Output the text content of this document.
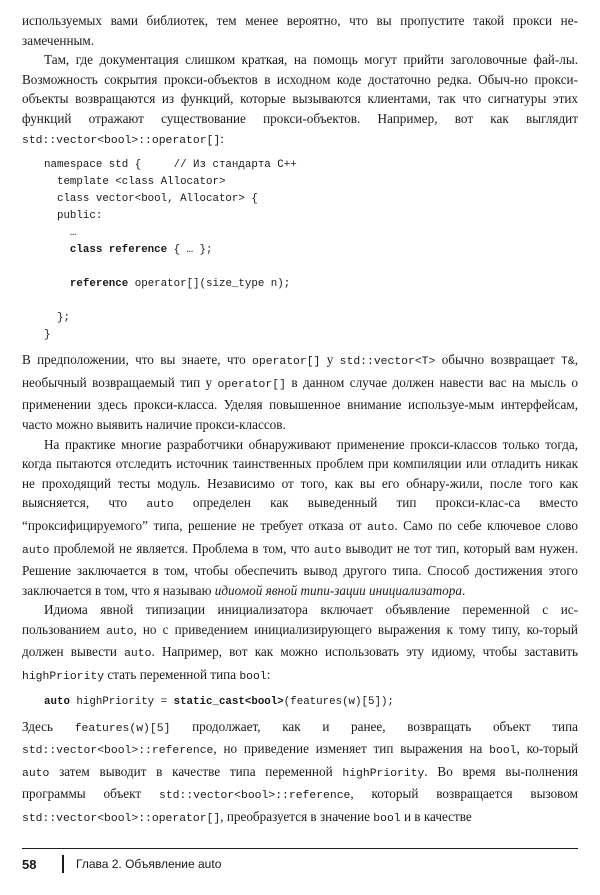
используемых вами библиотек, тем менее вероятно, что вы пропустите такой прокси не-замеченным.

Там, где документация слишком краткая, на помощь могут прийти заголовочные фай-лы. Возможность сокрытия прокси-объектов в исходном коде достаточно редка. Обыч-но прокси-объекты возвращаются из функций, которые вызываются клиентами, так что сигнатуры этих функций отражают существование прокси-объектов. Например, вот как выглядит std::vector<bool>::operator[]:

namespace std {     // Из стандарта C++
template <class Allocator>
class vector<bool, Allocator> {
public:
…
class reference { … };

reference operator[](size_type n);

};
}

В предположении, что вы знаете, что operator[] у std::vector<T> обычно возвращает T&, необычный возвращаемый тип у operator[] в данном случае должен навести вас на мысль о применении здесь прокси-класса. Уделяя повышенное внимание используе-мым интерфейсам, часто можно выявить наличие прокси-классов.

На практике многие разработчики обнаруживают применение прокси-классов только тогда, когда пытаются отследить источник таинственных проблем при компиляции или отладить никак не проходящий тесты модуль. Независимо от того, как вы его обнару-жили, после того как выясняется, что auto определен как выведенный тип прокси-клас-са вместо “проксифицируемого” типа, решение не требует отказа от auto. Само по себе ключевое слово auto проблемой не является. Проблема в том, что auto выводит не тот тип, который вам нужен. Решение заключается в том, чтобы обеспечить вывод другого типа. Способ достижения этого заключается в том, что я называю идиомой явной типи-зации инициализатора.

Идиома явной типизации инициализатора включает объявление переменной с ис-пользованием auto, но с приведением инициализирующего выражения к тому типу, ко-торый должен вывести auto. Например, вот как можно использовать эту идиому, чтобы заставить highPriority стать переменной типа bool:

auto highPriority = static_cast<bool>(features(w)[5]);

Здесь features(w)[5] продолжает, как и ранее, возвращать объект типа std::vector<bool>::reference, но приведение изменяет тип выражения на bool, ко-торый auto затем выводит в качестве типа переменной highPriority. Во время вы-полнения программы объект std::vector<bool>::reference, который возвращается вызовом std::vector<bool>::operator[], преобразуется в значение bool и в качестве

58	Глава 2. Объявление auto
